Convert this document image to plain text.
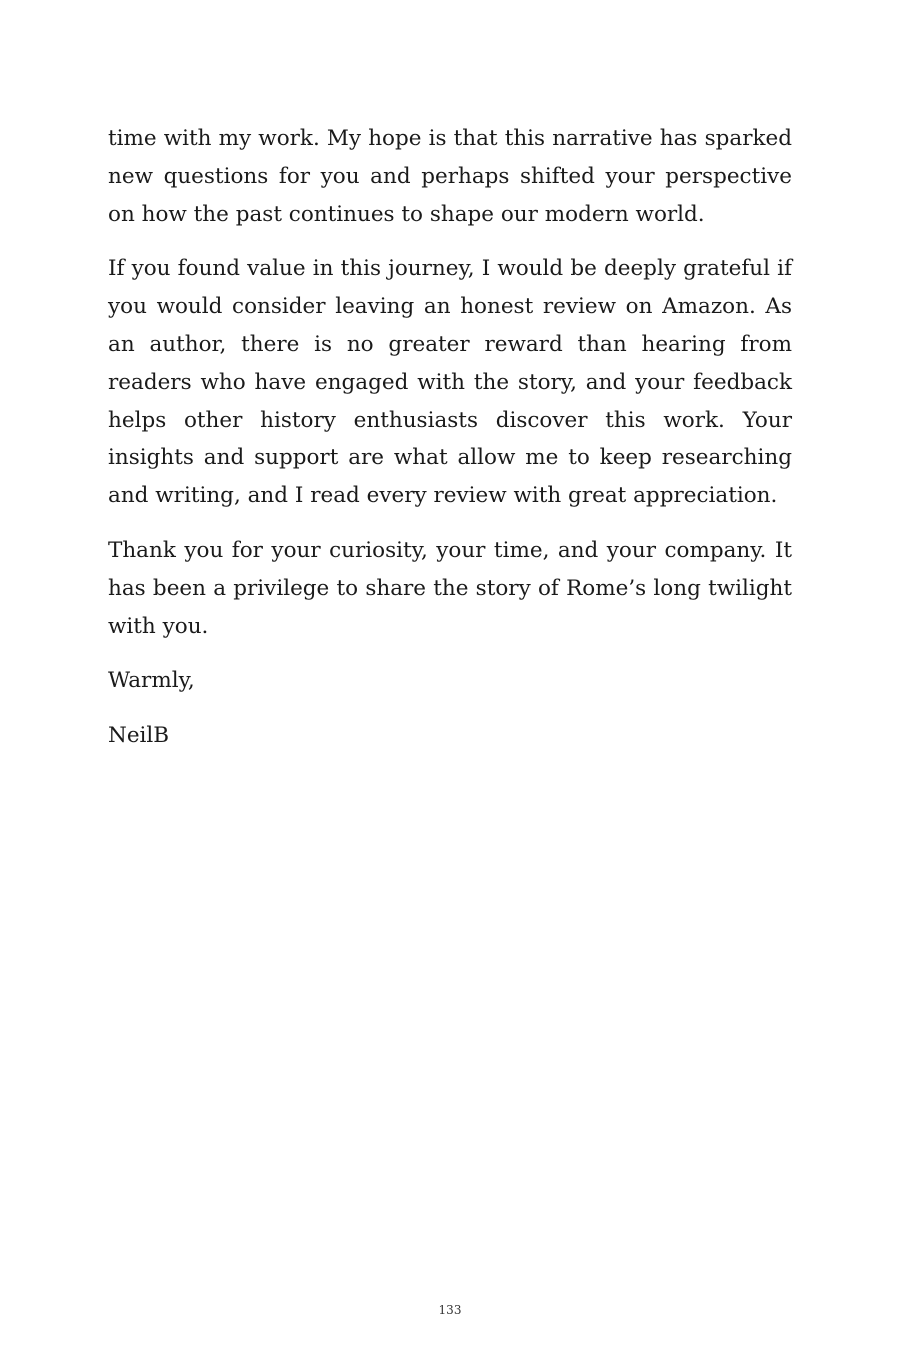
time with my work. My hope is that this narrative has sparked new questions for you and perhaps shifted your perspective on how the past continues to shape our modern world.

If you found value in this journey, I would be deeply grateful if you would consider leaving an honest review on Amazon. As an author, there is no greater reward than hearing from readers who have engaged with the story, and your feedback helps other history enthusiasts discover this work. Your insights and support are what allow me to keep researching and writing, and I read every review with great appreciation.

Thank you for your curiosity, your time, and your company. It has been a privilege to share the story of Rome’s long twilight with you.

Warmly,

NeilB

133
